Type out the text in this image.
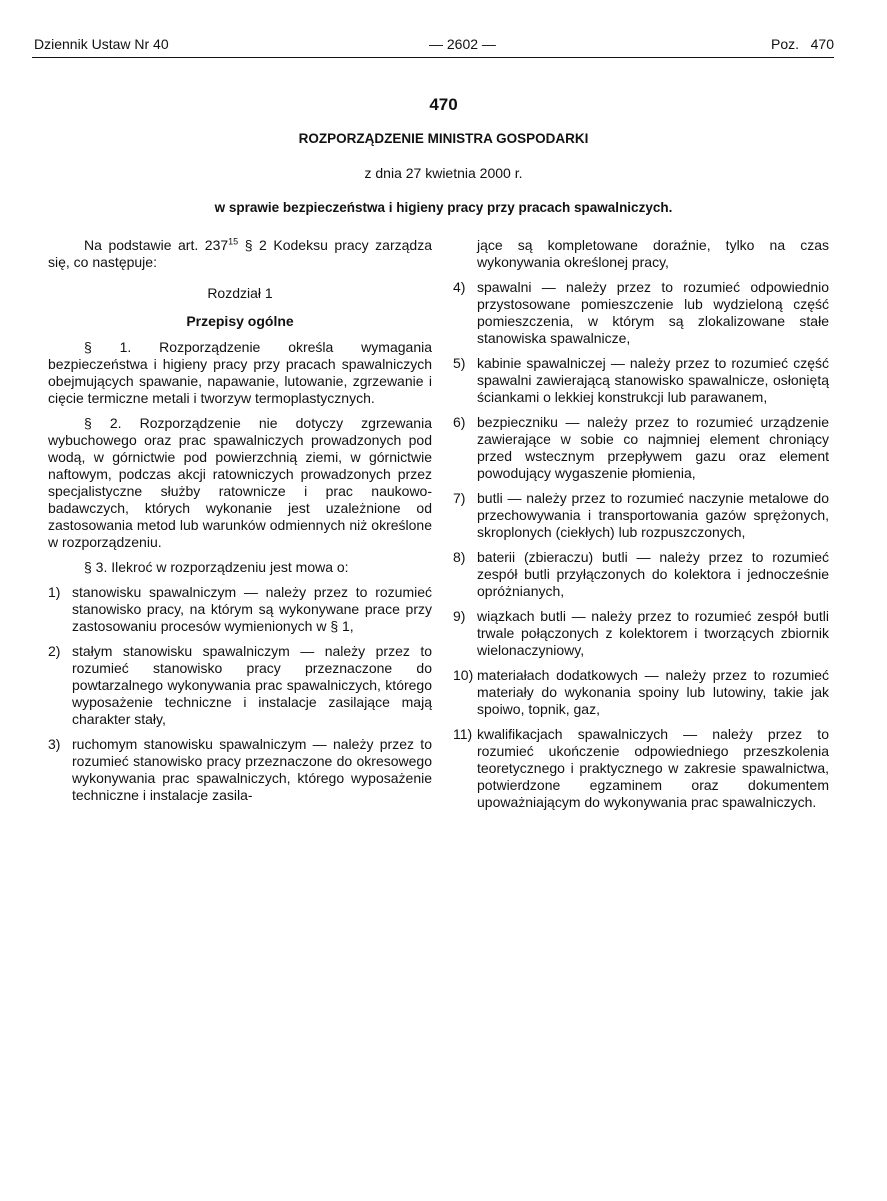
Dziennik Ustaw Nr 40	— 2602 —	Poz. 470
470
ROZPORZĄDZENIE MINISTRA GOSPODARKI
z dnia 27 kwietnia 2000 r.
w sprawie bezpieczeństwa i higieny pracy przy pracach spawalniczych.

Na podstawie art. $237^{15}$ § 2 Kodeksu pracy zarządza się, co następuje:

Rozdział 1

Przepisy ogólne

§ 1. Rozporządzenie określa wymagania bezpieczeństwa i higieny pracy przy pracach spawalniczych obejmujących spawanie, napawanie, lutowanie, zgrzewanie i cięcie termiczne metali i tworzyw termoplastycznych.

§ 2. Rozporządzenie nie dotyczy zgrzewania wybuchowego oraz prac spawalniczych prowadzonych pod wodą, w górnictwie pod powierzchnią ziemi, w górnictwie naftowym, podczas akcji ratowniczych prowadzonych przez specjalistyczne służby ratownicze i prac naukowo-badawczych, których wykonanie jest uzależnione od zastosowania metod lub warunków odmiennych niż określone w rozporządzeniu.

§ 3. Ilekroć w rozporządzeniu jest mowa o:

1) stanowisku spawalniczym — należy przez to rozumieć stanowisko pracy, na którym są wykonywane prace przy zastosowaniu procesów wymienionych w § 1,
2) stałym stanowisku spawalniczym — należy przez to rozumieć stanowisko pracy przeznaczone do powtarzalnego wykonywania prac spawalniczych, którego wyposażenie techniczne i instalacje zasilające mają charakter stały,
3) ruchomym stanowisku spawalniczym — należy przez to rozumieć stanowisko pracy przeznaczone do okresowego wykonywania prac spawalniczych, którego wyposażenie techniczne i instalacje zasila-

jące są kompletowane doraźnie, tylko na czas wykonywania określonej pracy,

4) spawalni — należy przez to rozumieć odpowiednio przystosowane pomieszczenie lub wydzieloną część pomieszczenia, w którym są zlokalizowane stałe stanowiska spawalnicze,
5) kabinie spawalniczej — należy przez to rozumieć część spawalni zawierającą stanowisko spawalnicze, osłoniętą ściankami o lekkiej konstrukcji lub parawanem,
6) bezpieczniku — należy przez to rozumieć urządzenie zawierające w sobie co najmniej element chroniący przed wstecznym przepływem gazu oraz element powodujący wygaszenie płomienia,
7) butli — należy przez to rozumieć naczynie metalowe do przechowywania i transportowania gazów sprężonych, skroplonych (ciekłych) lub rozpuszczonych,
8) baterii (zbieraczu) butli — należy przez to rozumieć zespół butli przyłączonych do kolektora i jednocześnie opróżnianych,
9) wiązkach butli — należy przez to rozumieć zespół butli trwale połączonych z kolektorem i tworzących zbiornik wielonaczyniowy,
10) materiałach dodatkowych — należy przez to rozumieć materiały do wykonania spoiny lub lutowiny, takie jak spoiwo, topnik, gaz,
11) kwalifikacjach spawalniczych — należy przez to rozumieć ukończenie odpowiedniego przeszkolenia teoretycznego i praktycznego w zakresie spawalnictwa, potwierdzone egzaminem oraz dokumentem upoważniającym do wykonywania prac spawalniczych.
